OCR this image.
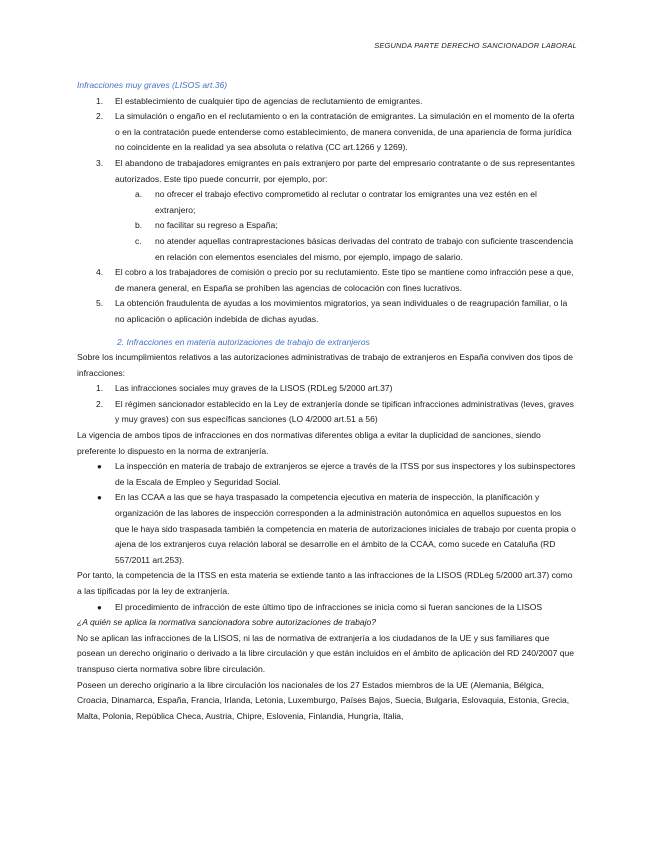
SEGUNDA PARTE DERECHO SANCIONADOR LABORAL

Infracciones muy graves (LISOS art.36)

1. El establecimiento de cualquier tipo de agencias de reclutamiento de emigrantes.
2. La simulación o engaño en el reclutamiento o en la contratación de emigrantes. La simulación en el momento de la oferta o en la contratación puede entenderse como establecimiento, de manera convenida, de una apariencia de forma jurídica no coincidente en la realidad ya sea absoluta o relativa (CC art.1266 y 1269).
3. El abandono de trabajadores emigrantes en país extranjero por parte del empresario contratante o de sus representantes autorizados. Este tipo puede concurrir, por ejemplo, por:
a. no ofrecer el trabajo efectivo comprometido al reclutar o contratar los emigrantes una vez estén en el extranjero;
b. no facilitar su regreso a España;
c. no atender aquellas contraprestaciones básicas derivadas del contrato de trabajo con suficiente trascendencia en relación con elementos esenciales del mismo, por ejemplo, impago de salario.
4. El cobro a los trabajadores de comisión o precio por su reclutamiento. Este tipo se mantiene como infracción pese a que, de manera general, en España se prohíben las agencias de colocación con fines lucrativos.
5. La obtención fraudulenta de ayudas a los movimientos migratorios, ya sean individuales o de reagrupación familiar, o la no aplicación o aplicación indebida de dichas ayudas.

2. Infracciones en materia autorizaciones de trabajo de extranjeros

Sobre los incumplimientos relativos a las autorizaciones administrativas de trabajo de extranjeros en España conviven dos tipos de infracciones:

1. Las infracciones sociales muy graves de la LISOS (RDLeg 5/2000 art.37)
2. El régimen sancionador establecido en la Ley de extranjería donde se tipifican infracciones administrativas (leves, graves y muy graves) con sus específicas sanciones (LO 4/2000 art.51 a 56)

La vigencia de ambos tipos de infracciones en dos normativas diferentes obliga a evitar la duplicidad de sanciones, siendo preferente lo dispuesto en la norma de extranjería.

● La inspección en materia de trabajo de extranjeros se ejerce a través de la ITSS por sus inspectores y los subinspectores de la Escala de Empleo y Seguridad Social.
● En las CCAA a las que se haya traspasado la competencia ejecutiva en materia de inspección, la planificación y organización de las labores de inspección corresponden a la administración autonómica en aquellos supuestos en los que le haya sido traspasada también la competencia en materia de autorizaciones iniciales de trabajo por cuenta propia o ajena de los extranjeros cuya relación laboral se desarrolle en el ámbito de la CCAA, como sucede en Cataluña (RD 557/2011 art.253).

Por tanto, la competencia de la ITSS en esta materia se extiende tanto a las infracciones de la LISOS (RDLeg 5/2000 art.37) como a las tipificadas por la ley de extranjería.

● El procedimiento de infracción de este último tipo de infracciones se inicia como si fueran sanciones de la LISOS

¿A quién se aplica la normativa sancionadora sobre autorizaciones de trabajo?

No se aplican las infracciones de la LISOS, ni las de normativa de extranjería a los ciudadanos de la UE y sus familiares que posean un derecho originario o derivado a la libre circulación y que están incluidos en el ámbito de aplicación del RD 240/2007 que transpuso cierta normativa sobre libre circulación.

Poseen un derecho originario a la libre circulación los nacionales de los 27 Estados miembros de la UE (Alemania, Bélgica, Croacia, Dinamarca, España, Francia, Irlanda, Letonia, Luxemburgo, Países Bajos, Suecia, Bulgaria, Eslovaquia, Estonia, Grecia, Malta, Polonia, República Checa, Austria, Chipre, Eslovenia, Finlandia, Hungría, Italia,
